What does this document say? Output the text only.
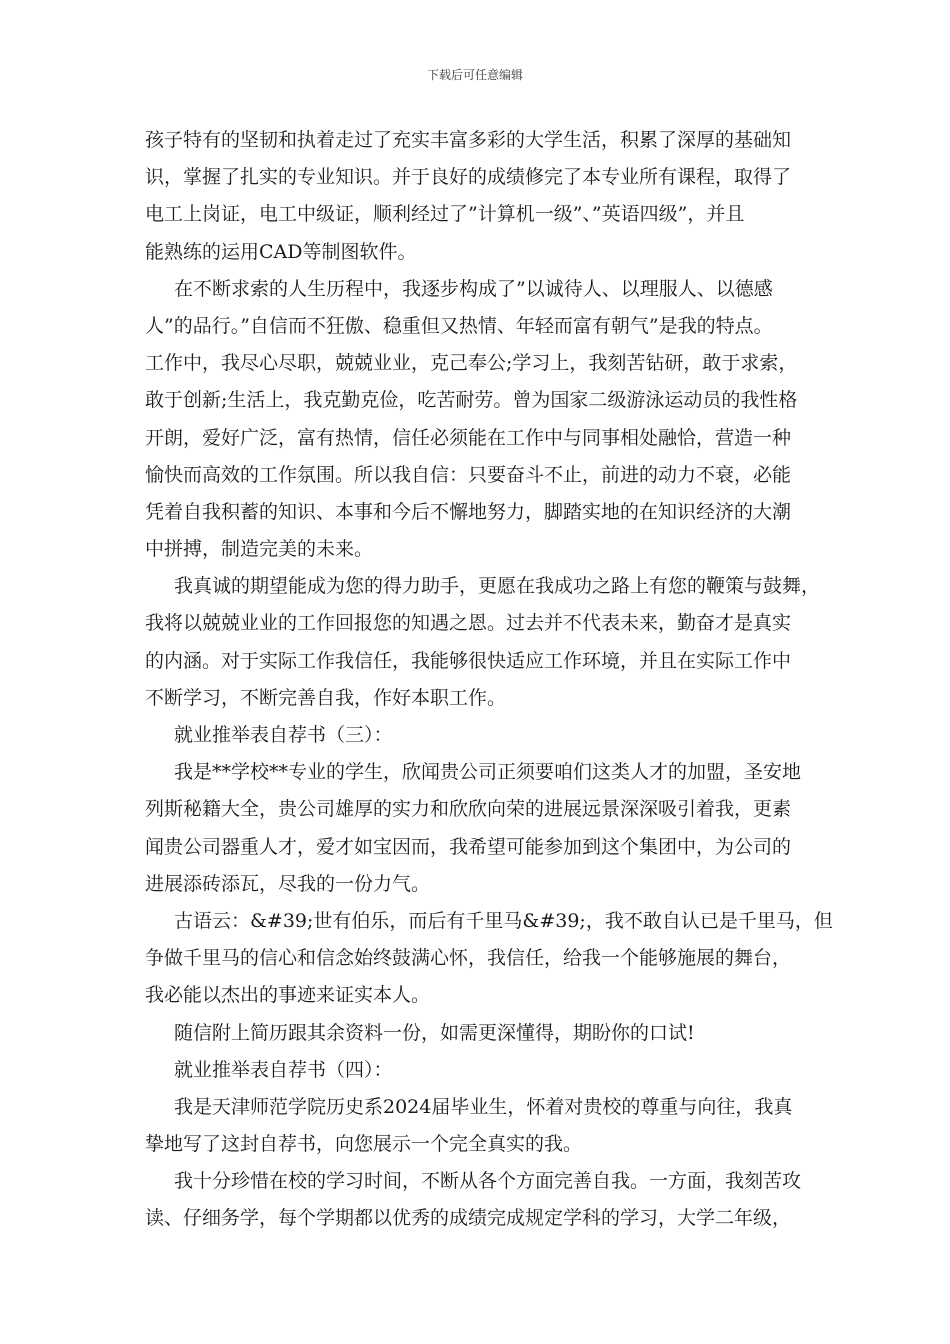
下载后可任意编辑
孩子特有的坚韧和执着走过了充实丰富多彩的大学生活，积累了深厚的基础知
识，掌握了扎实的专业知识。并于良好的成绩修完了本专业所有课程，取得了
电工上岗证，电工中级证，顺利经过了”计算机一级”、”英语四级”，并且
能熟练的运用CAD等制图软件。
在不断求索的人生历程中，我逐步构成了”以诚待人、以理服人、以德感
人”的品行。”自信而不狂傲、稳重但又热情、年轻而富有朝气”是我的特点。
工作中，我尽心尽职，兢兢业业，克己奉公;学习上，我刻苦钻研，敢于求索，
敢于创新;生活上，我克勤克俭，吃苦耐劳。曾为国家二级游泳运动员的我性格
开朗，爱好广泛，富有热情，信任必须能在工作中与同事相处融恰，营造一种
愉快而高效的工作氛围。所以我自信：只要奋斗不止，前进的动力不衰，必能
凭着自我积蓄的知识、本事和今后不懈地努力，脚踏实地的在知识经济的大潮
中拼搏，制造完美的未来。
我真诚的期望能成为您的得力助手，更愿在我成功之路上有您的鞭策与鼓舞，
我将以兢兢业业的工作回报您的知遇之恩。过去并不代表未来，勤奋才是真实
的内涵。对于实际工作我信任，我能够很快适应工作环境，并且在实际工作中
不断学习，不断完善自我，作好本职工作。
就业推举表自荐书（三）：
我是**学校**专业的学生，欣闻贵公司正须要咱们这类人才的加盟，圣安地
列斯秘籍大全，贵公司雄厚的实力和欣欣向荣的进展远景深深吸引着我，更素
闻贵公司器重人才，爱才如宝因而，我希望可能参加到这个集团中，为公司的
进展添砖添瓦，尽我的一份力气。
古语云：&#39;世有伯乐，而后有千里马&#39;，我不敢自认已是千里马，但
争做千里马的信心和信念始终鼓满心怀，我信任，给我一个能够施展的舞台，
我必能以杰出的事迹来证实本人。
随信附上简历跟其余资料一份，如需更深懂得，期盼你的口试!
就业推举表自荐书（四）：
我是天津师范学院历史系2024届毕业生，怀着对贵校的尊重与向往，我真
挚地写了这封自荐书，向您展示一个完全真实的我。
我十分珍惜在校的学习时间，不断从各个方面完善自我。一方面，我刻苦攻
读、仔细务学，每个学期都以优秀的成绩完成规定学科的学习，大学二年级，
